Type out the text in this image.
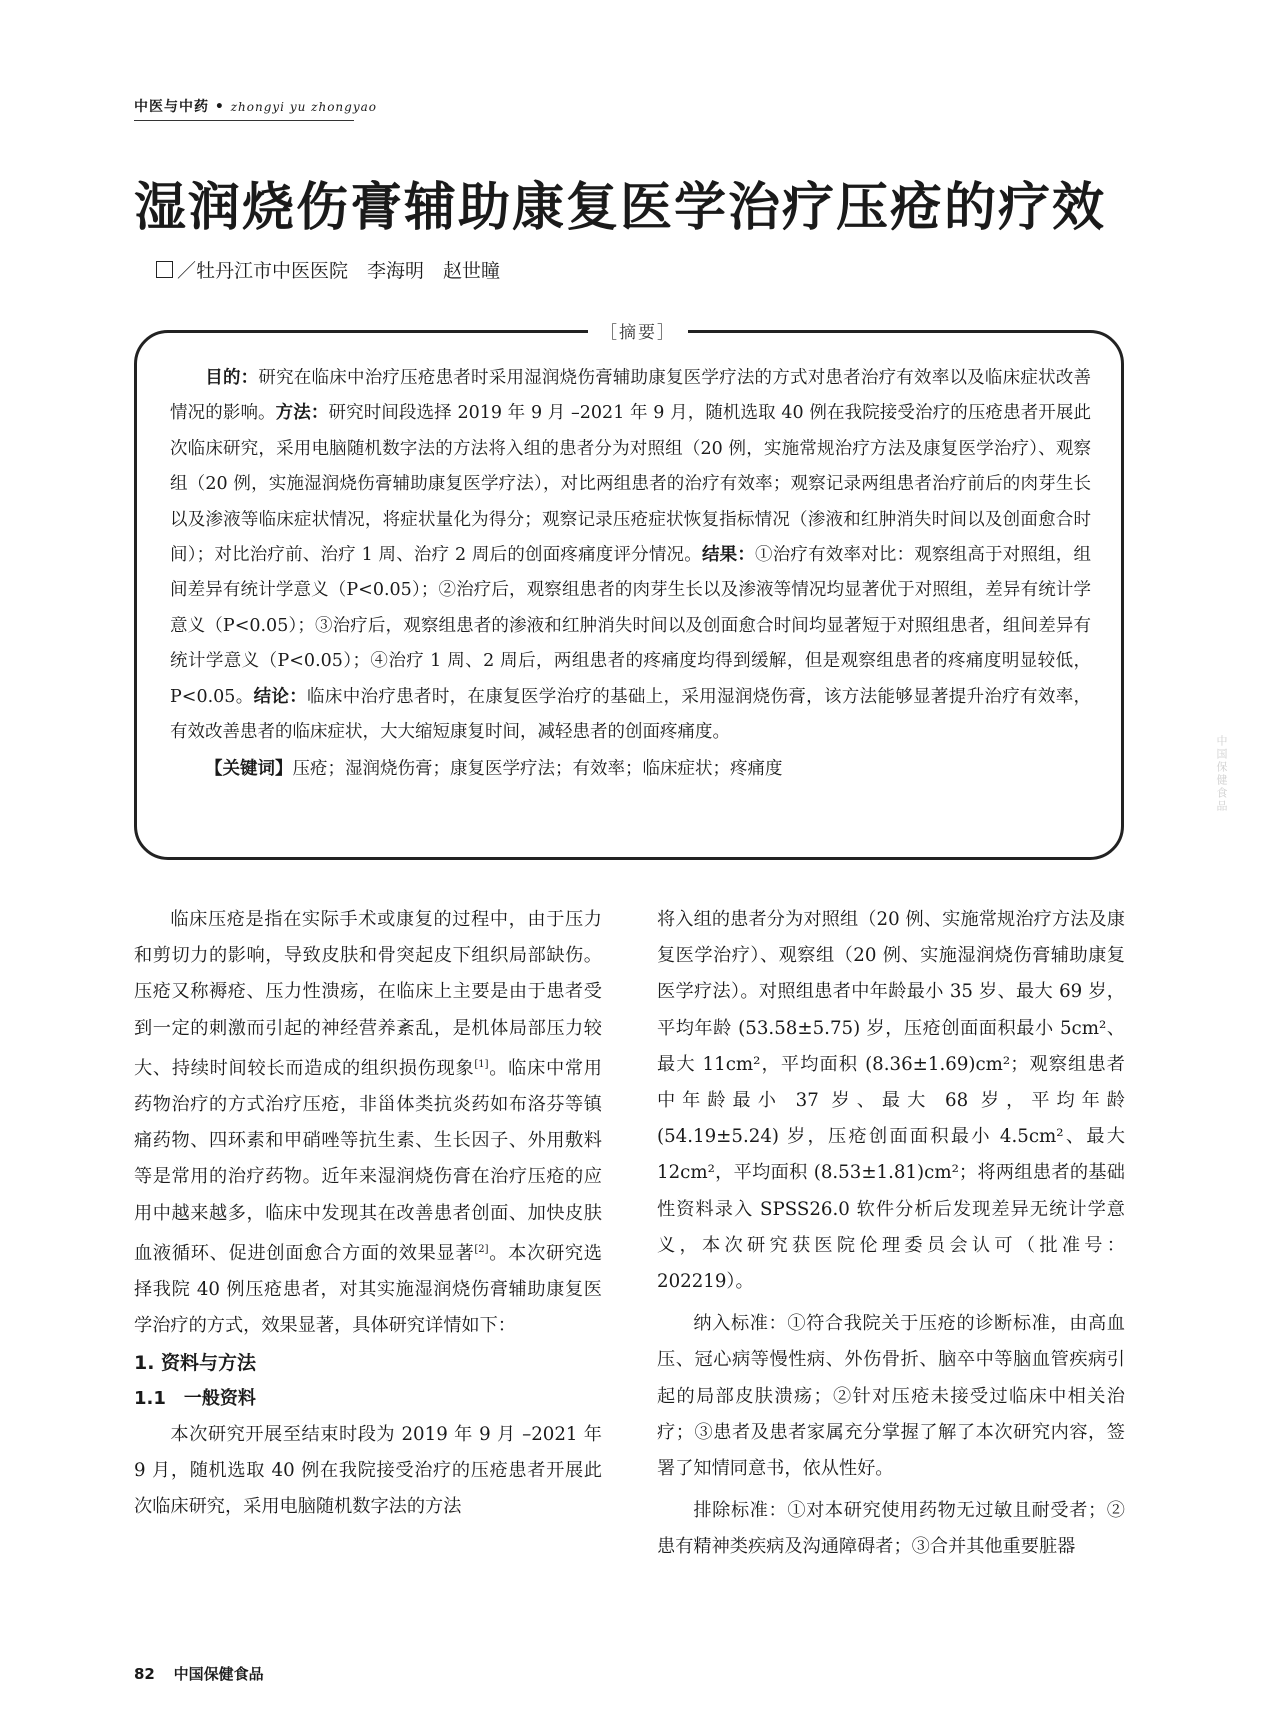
中医与中药 • zhongyi yu zhongyao
湿润烧伤膏辅助康复医学治疗压疮的疗效
／牡丹江市中医医院　李海明　赵世瞳

目的：研究在临床中治疗压疮患者时采用湿润烧伤膏辅助康复医学疗法的方式对患者治疗有效率以及临床症状改善情况的影响。方法：研究时间段选择 2019 年 9 月 –2021 年 9 月，随机选取 40 例在我院接受治疗的压疮患者开展此次临床研究，采用电脑随机数字法的方法将入组的患者分为对照组（20 例，实施常规治疗方法及康复医学治疗）、观察组（20 例，实施湿润烧伤膏辅助康复医学疗法），对比两组患者的治疗有效率；观察记录两组患者治疗前后的肉芽生长以及渗液等临床症状情况，将症状量化为得分；观察记录压疮症状恢复指标情况（渗液和红肿消失时间以及创面愈合时间）；对比治疗前、治疗 1 周、治疗 2 周后的创面疼痛度评分情况。结果：①治疗有效率对比：观察组高于对照组，组间差异有统计学意义（P<0.05）；②治疗后，观察组患者的肉芽生长以及渗液等情况均显著优于对照组，差异有统计学意义（P<0.05）；③治疗后，观察组患者的渗液和红肿消失时间以及创面愈合时间均显著短于对照组患者，组间差异有统计学意义（P<0.05）；④治疗 1 周、2 周后，两组患者的疼痛度均得到缓解，但是观察组患者的疼痛度明显较低，P<0.05。结论：临床中治疗患者时，在康复医学治疗的基础上，采用湿润烧伤膏，该方法能够显著提升治疗有效率，有效改善患者的临床症状，大大缩短康复时间，减轻患者的创面疼痛度。

【关键词】压疮；湿润烧伤膏；康复医学疗法；有效率；临床症状；疼痛度

［摘要］

临床压疮是指在实际手术或康复的过程中，由于压力和剪切力的影响，导致皮肤和骨突起皮下组织局部缺伤。压疮又称褥疮、压力性溃疡，在临床上主要是由于患者受到一定的刺激而引起的神经营养紊乱，是机体局部压力较大、持续时间较长而造成的组织损伤现象[1]。临床中常用药物治疗的方式治疗压疮，非甾体类抗炎药如布洛芬等镇痛药物、四环素和甲硝唑等抗生素、生长因子、外用敷料等是常用的治疗药物。近年来湿润烧伤膏在治疗压疮的应用中越来越多，临床中发现其在改善患者创面、加快皮肤血液循环、促进创面愈合方面的效果显著[2]。本次研究选择我院 40 例压疮患者，对其实施湿润烧伤膏辅助康复医学治疗的方式，效果显著，具体研究详情如下：

1. 资料与方法
1.1　一般资料

本次研究开展至结束时段为 2019 年 9 月 –2021 年 9 月，随机选取 40 例在我院接受治疗的压疮患者开展此次临床研究，采用电脑随机数字法的方法

将入组的患者分为对照组（20 例、实施常规治疗方法及康复医学治疗）、观察组（20 例、实施湿润烧伤膏辅助康复医学疗法）。对照组患者中年龄最小 35 岁、最大 69 岁，平均年龄 (53.58±5.75) 岁，压疮创面面积最小 5cm²、最大 11cm²，平均面积 (8.36±1.69)cm²；观察组患者中年龄最小 37 岁、最大 68 岁，平均年龄 (54.19±5.24) 岁，压疮创面面积最小 4.5cm²、最大 12cm²，平均面积 (8.53±1.81)cm²；将两组患者的基础性资料录入 SPSS26.0 软件分析后发现差异无统计学意义，本次研究获医院伦理委员会认可（批准号：202219）。

纳入标准：①符合我院关于压疮的诊断标准，由高血压、冠心病等慢性病、外伤骨折、脑卒中等脑血管疾病引起的局部皮肤溃疡；②针对压疮未接受过临床中相关治疗；③患者及患者家属充分掌握了解了本次研究内容，签署了知情同意书，依从性好。

排除标准：①对本研究使用药物无过敏且耐受者；②患有精神类疾病及沟通障碍者；③合并其他重要脏器

中国保健食品
82 中国保健食品
